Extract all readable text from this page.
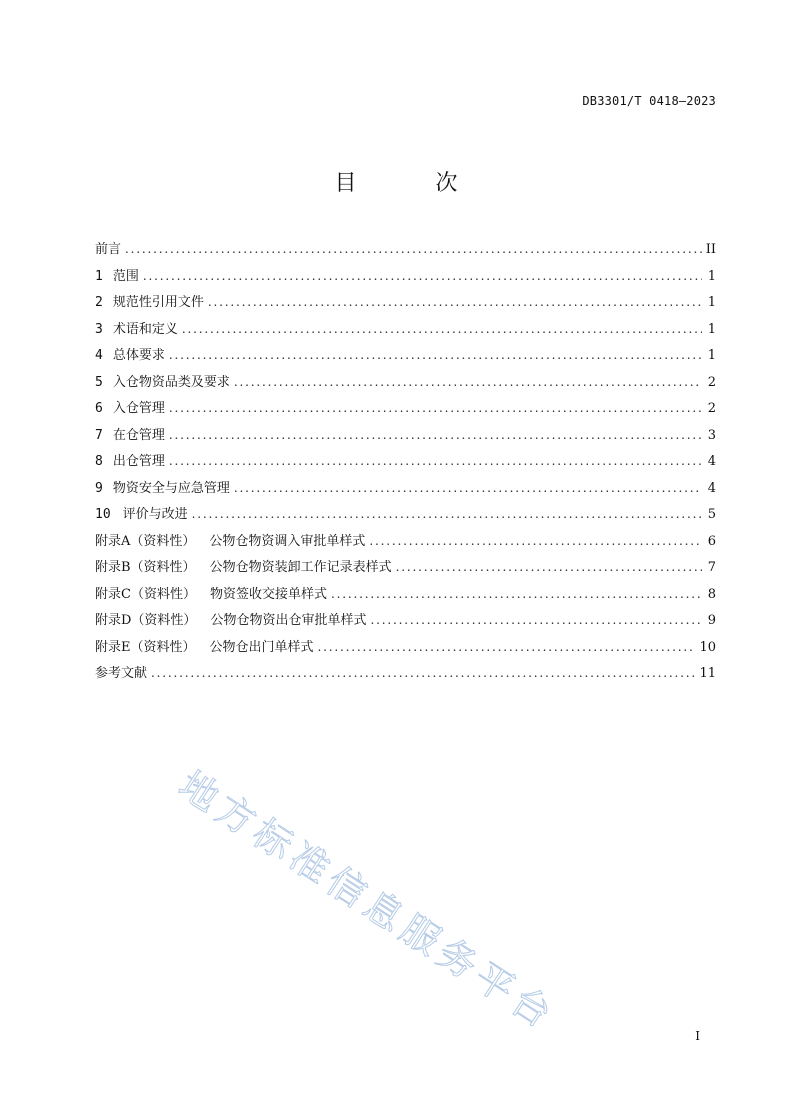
DB3301/T 0418—2023
目 次
前言 . . .	II
1 范围 . . .	1
2 规范性引用文件 . . .	1
3 术语和定义 . . .	1
4 总体要求 . . .	1
5 入仓物资品类及要求 . . .	2
6 入仓管理 . . .	2
7 在仓管理 . . .	3
8 出仓管理 . . .	4
9 物资安全与应急管理 . . .	4
10 评价与改进 . . .	5
附录A（资料性） 公物仓物资调入审批单样式 . . .	6
附录B（资料性） 公物仓物资装卸工作记录表样式 . . .	7
附录C（资料性） 物资签收交接单样式 . . .	8
附录D（资料性） 公物仓物资出仓审批单样式 . . .	9
附录E（资料性） 公物仓出门单样式 . . .	10
参考文献 . . .	11
地方标准信息服务平台	I
